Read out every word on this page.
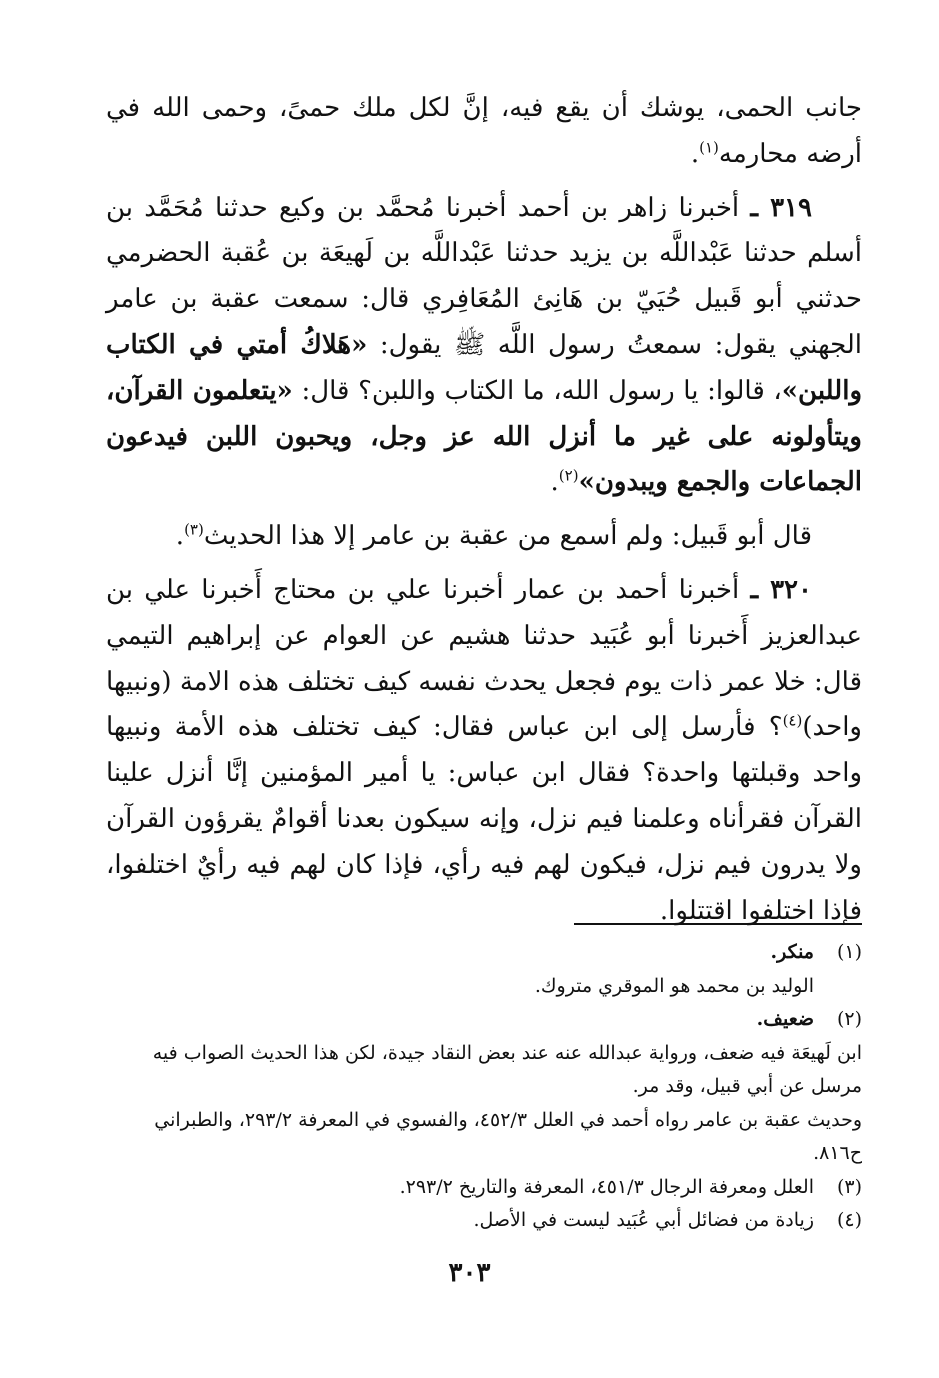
جانب الحمى، يوشك أن يقع فيه، إنَّ لكل ملك حمىً، وحمى الله في أرضه محارمه$^{(١)}$.

٣١٩ ـ أخبرنا زاهر بن أحمد أخبرنا مُحمَّد بن وكيع حدثنا مُحَمَّد بن أسلم حدثنا عَبْداللَّه بن يزيد حدثنا عَبْداللَّه بن لَهيعَة بن عُقبة الحضرمي حدثني أبو قَبيل حُيَيّ بن هَانِئ المُعَافِري قال: سمعت عقبة بن عامر الجهني يقول: سمعتُ رسول اللَّه ﷺ يقول: «هَلاكُ أمتي في الكتاب واللبن»، قالوا: يا رسول الله، ما الكتاب واللبن؟ قال: «يتعلمون القرآن، ويتأولونه على غير ما أنزل الله عز وجل، ويحبون اللبن فيدعون الجماعات والجمع ويبدون»$^{(٢)}$.

قال أبو قَبيل: ولم أسمع من عقبة بن عامر إلا هذا الحديث$^{(٣)}$.

٣٢٠ ـ أخبرنا أحمد بن عمار أخبرنا علي بن محتاج أَخبرنا علي بن عبدالعزيز أَخبرنا أبو عُبَيد حدثنا هشيم عن العوام عن إبراهيم التيمي قال: خلا عمر ذات يوم فجعل يحدث نفسه كيف تختلف هذه الامة (ونبيها واحد)$^{(٤)}$؟ فأرسل إلى ابن عباس فقال: كيف تختلف هذه الأمة ونبيها واحد وقبلتها واحدة؟ فقال ابن عباس: يا أمير المؤمنين إنَّا أنزل علينا القرآن فقرأناه وعلمنا فيم نزل، وإنه سيكون بعدنا أقوامٌ يقرؤون القرآن ولا يدرون فيم نزل، فيكون لهم فيه رأي، فإذا كان لهم فيه رأيٌ اختلفوا، فإذا اختلفوا اقتتلوا.

(١)
منكر.

الوليد بن محمد هو الموقري متروك.

(٢)
ضعيف.

ابن لَهيعَة فيه ضعف، ورواية عبدالله عنه عند بعض النقاد جيدة، لكن هذا الحديث الصواب فيه مرسل عن أبي قبيل، وقد مر.

وحديث عقبة بن عامر رواه أحمد في العلل ٤٥٢/٣، والفسوي في المعرفة ٢٩٣/٢، والطبراني ح٨١٦.

(٣)
العلل ومعرفة الرجال ٤٥١/٣، المعرفة والتاريخ ٢٩٣/٢.
(٤)
زيادة من فضائل أبي عُبَيد ليست في الأصل.
٣٠٣
